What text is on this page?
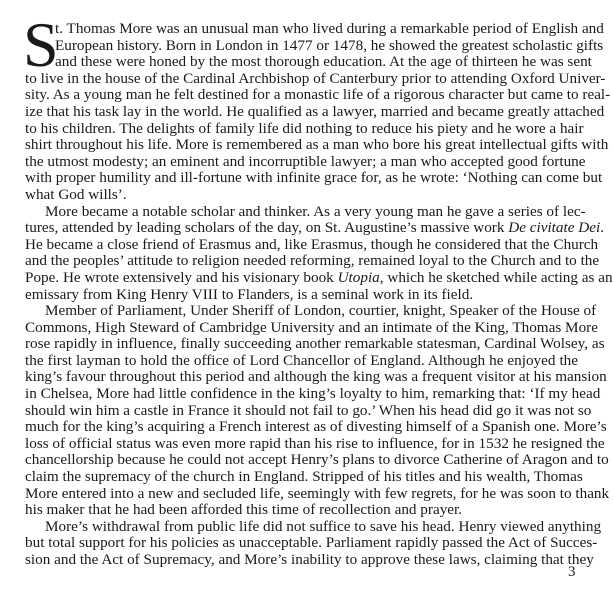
S
t. Thomas More was an unusual man who lived during a remarkable period of English and
European history. Born in London in 1477 or 1478, he showed the greatest scholastic gifts
and these were honed by the most thorough education. At the age of thirteen he was sent
to live in the house of the Cardinal Archbishop of Canterbury prior to attending Oxford Univer-
sity. As a young man he felt destined for a monastic life of a rigorous character but came to real-
ize that his task lay in the world. He qualified as a lawyer, married and became greatly attached
to his children. The delights of family life did nothing to reduce his piety and he wore a hair
shirt throughout his life. More is remembered as a man who bore his great intellectual gifts with
the utmost modesty; an eminent and incorruptible lawyer; a man who accepted good fortune
with proper humility and ill-fortune with infinite grace for, as he wrote: ‘Nothing can come but
what God wills’.
More became a notable scholar and thinker. As a very young man he gave a series of lec-
tures, attended by leading scholars of the day, on St. Augustine’s massive work De civitate Dei.
He became a close friend of Erasmus and, like Erasmus, though he considered that the Church
and the peoples’ attitude to religion needed reforming, remained loyal to the Church and to the
Pope. He wrote extensively and his visionary book Utopia, which he sketched while acting as an
emissary from King Henry VIII to Flanders, is a seminal work in its field.
Member of Parliament, Under Sheriff of London, courtier, knight, Speaker of the House of
Commons, High Steward of Cambridge University and an intimate of the King, Thomas More
rose rapidly in influence, finally succeeding another remarkable statesman, Cardinal Wolsey, as
the first layman to hold the office of Lord Chancellor of England. Although he enjoyed the
king’s favour throughout this period and although the king was a frequent visitor at his mansion
in Chelsea, More had little confidence in the king’s loyalty to him, remarking that: ‘If my head
should win him a castle in France it should not fail to go.’ When his head did go it was not so
much for the king’s acquiring a French interest as of divesting himself of a Spanish one. More’s
loss of official status was even more rapid than his rise to influence, for in 1532 he resigned the
chancellorship because he could not accept Henry’s plans to divorce Catherine of Aragon and to
claim the supremacy of the church in England. Stripped of his titles and his wealth, Thomas
More entered into a new and secluded life, seemingly with few regrets, for he was soon to thank
his maker that he had been afforded this time of recollection and prayer.
More’s withdrawal from public life did not suffice to save his head. Henry viewed anything
but total support for his policies as unacceptable. Parliament rapidly passed the Act of Succes-
sion and the Act of Supremacy, and More’s inability to approve these laws, claiming that they
3
